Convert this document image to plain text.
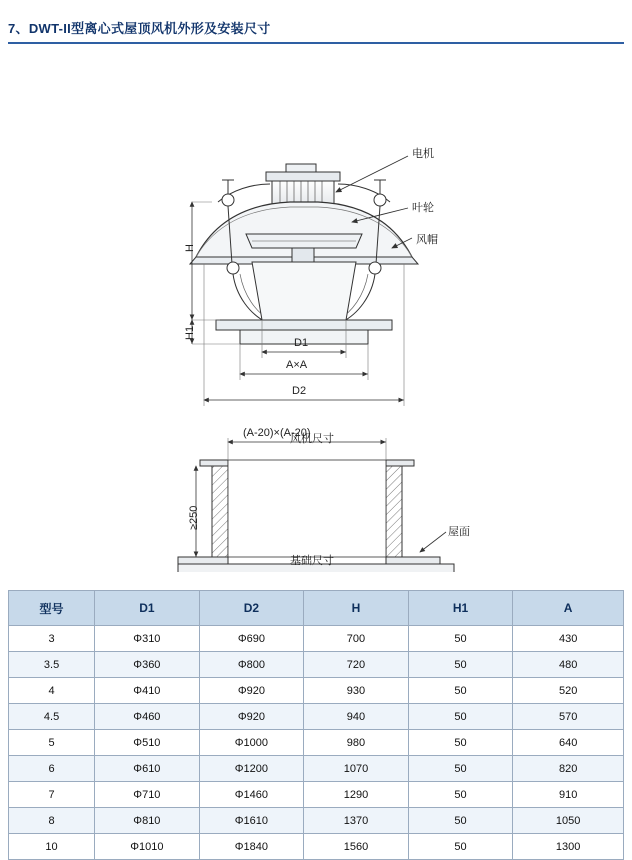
7、DWT-II型离心式屋顶风机外形及安装尺寸
电机
叶轮
风帽
H
H1
D1
A×A
D2
风机尺寸
(A-20)×(A-20)
屋面
≥250
基础尺寸
型号	D1	D2	H	H1	A
3	Φ310	Φ690	700	50	430
3.5	Φ360	Φ800	720	50	480
4	Φ410	Φ920	930	50	520
4.5	Φ460	Φ920	940	50	570
5	Φ510	Φ1000	980	50	640
6	Φ610	Φ1200	1070	50	820
7	Φ710	Φ1460	1290	50	910
8	Φ810	Φ1610	1370	50	1050
10	Φ1010	Φ1840	1560	50	1300
